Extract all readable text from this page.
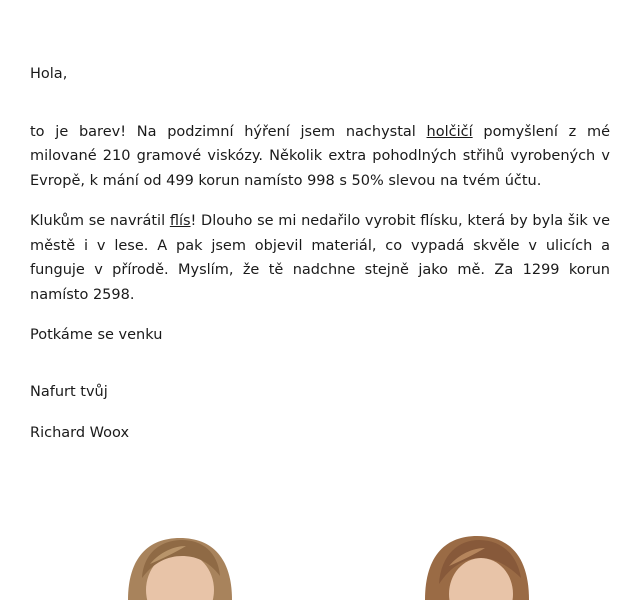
Hola,

to je barev! Na podzimní hýření jsem nachystal holčičí pomyšlení z mé milované 210 gramové viskózy. Několik extra pohodlných střihů vyrobených v Evropě, k mání od 499 korun namísto 998 s 50% slevou na tvém účtu.

Klukům se navrátil flís! Dlouho se mi nedařilo vyrobit flísku, která by byla šik ve městě i v lese. A pak jsem objevil materiál, co vypadá skvěle v ulicích a funguje v přírodě. Myslím, že tě nadchne stejně jako mě. Za 1299 korun namísto 2598.

Potkáme se venku

Nafurt tvůj

Richard Woox
